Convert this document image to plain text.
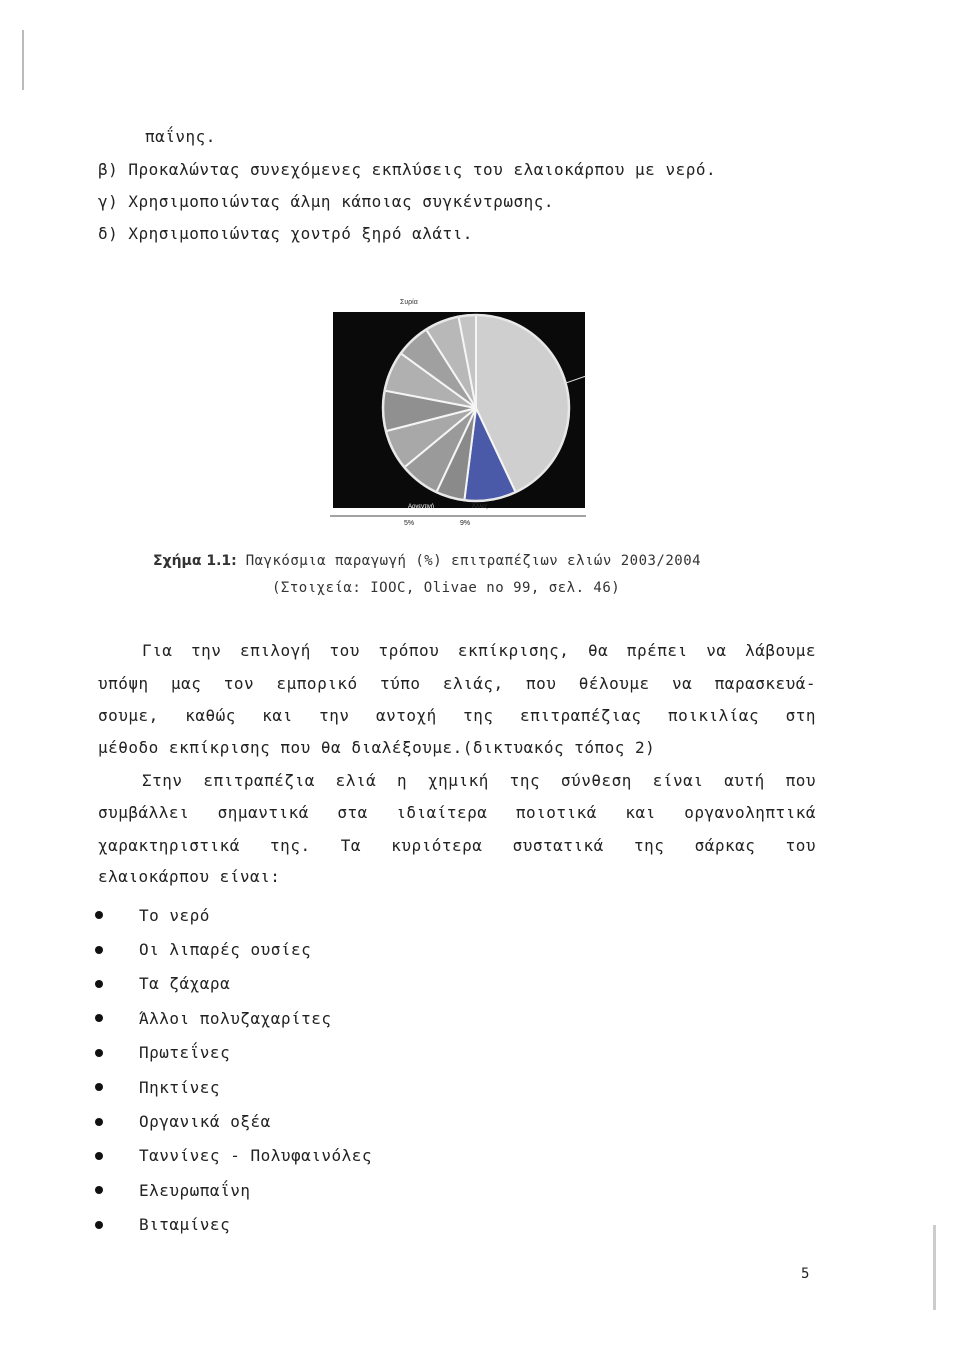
παΐνης.
β) Προκαλώντας συνεχόμενες εκπλύσεις του ελαιοκάρπου με νερό.
γ) Χρησιμοποιώντας άλμη κάποιας συγκέντρωσης.
δ) Χρησιμοποιώντας χοντρό ξηρό αλάτι.
Συρία
ΕΕ
43%
Αργεντινή	Άλλες
5%	9%
Σχήμα 1.1: Παγκόσμια παραγωγή (%) επιτραπέζιων ελιών 2003/2004
(Στοιχεία: IOOC, Olivae no 99, σελ. 46)
Για την επιλογή του τρόπου εκπίκρισης, θα πρέπει να λάβουμε
υπόψη μας τον εμπορικό τύπο ελιάς, που θέλουμε να παρασκευά-
σουμε, καθώς και την αντοχή της επιτραπέζιας ποικιλίας στη
μέθοδο εκπίκρισης που θα διαλέξουμε.(δικτυακός τόπος 2)
Στην επιτραπέζια ελιά η χημική της σύνθεση είναι αυτή που
συμβάλλει σημαντικά στα ιδιαίτερα ποιοτικά και οργανοληπτικά
χαρακτηριστικά της. Τα κυριότερα συστατικά της σάρκας του
ελαιοκάρπου είναι:
Το νερό
Οι λιπαρές ουσίες
Τα ζάχαρα
Άλλοι πολυζαχαρίτες
Πρωτεΐνες
Πηκτίνες
Οργανικά οξέα
Ταννίνες - Πολυφαινόλες
Ελευρωπαΐνη
Βιταμίνες
5
